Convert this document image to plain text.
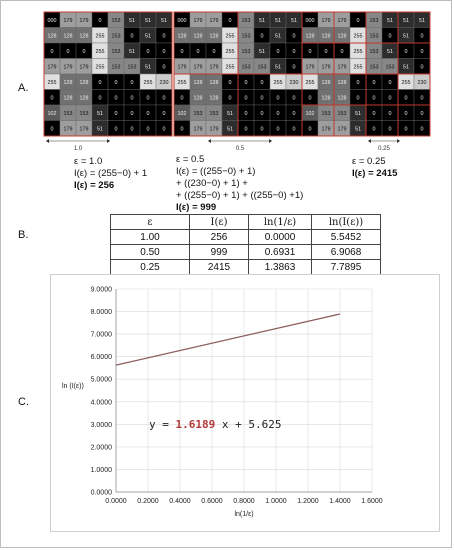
A.
B.
C.
000 179 179 0 153 51 51 51
128 128 128 255 153 0 51 0
0 0 0 255 153 51 0 0
179 179 179 255 153 153 51 0
255 128 128 0 0 0 255 230
0 128 128 0 0 0 0 0
102 153 153 51 0 0 0 0
0 179 179 51 0 0 0 0
1.0
000 179 179 0 153 51 51 51
128 128 128 255 153 0 51 0
0 0 0 255 153 51 0 0
179 179 179 255 153 153 51 0
255 128 128 0 0 0 255 230
0 128 128 0 0 0 0 0
102 153 153 51 0 0 0 0
0 179 179 51 0 0 0 0
0.5
000 179 179 0 153 51 51 51
128 128 128 255 153 0 51 0
0 0 0 255 153 51 0 0
179 179 179 255 153 153 51 0
255 128 128 0 0 0 255 230
0 128 128 0 0 0 0 0
102 153 153 51 0 0 0 0
0 179 179 51 0 0 0 0
0.25
ε = 1.0
I(ε) = (255−0) + 1
I(ε) = 256
ε = 0.5
I(ε) = ((255−0) + 1)
+ ((230−0) + 1) +
+ ((255−0) + 1) + ((255−0) +1)
I(ε) = 999
ε = 0.25
I(ε) = 2415
ε	I(ε)	ln(1/ε)	ln(I(ε))
1.00	256	0.0000	5.5452
0.50	999	0.6931	6.9068
0.25	2415	1.3863	7.7895
0.0000
1.0000
2.0000
3.0000
4.0000
5.0000
6.0000
7.0000
8.0000
9.0000
0.0000 0.2000 0.4000 0.6000 0.8000 1.0000 1.2000 1.4000 1.6000
ln(1/ε)
ln (I(ε))
y = 1.6189 x + 5.625
